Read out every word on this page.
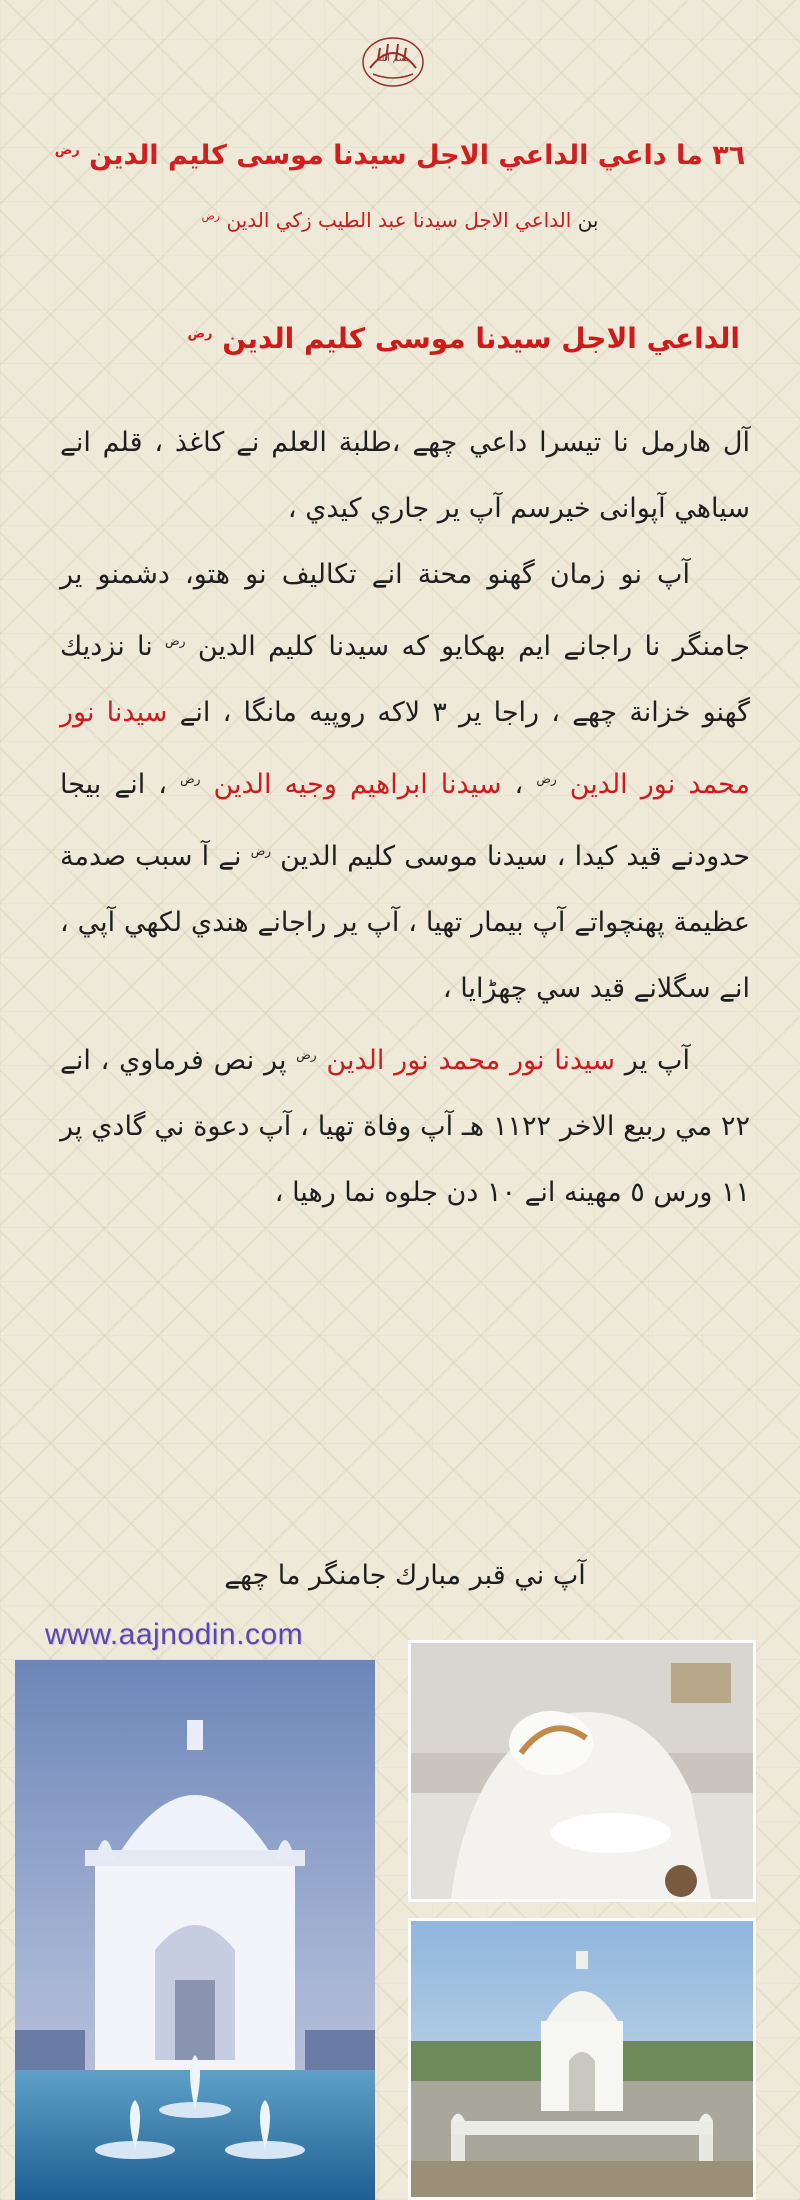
بسم الله
٣٦ ما داعي الداعي الاجل سيدنا موسى كليم الدين $^{رض}$
بن الداعي الاجل سيدنا عبد الطيب زكي الدين $^{رض}$
الداعي الاجل سيدنا موسى كليم الدين $^{رض}$

آل هارمل نا تيسرا داعي چهے ،طلبة العلم نے كاغذ ، قلم انے سياهي آپوانى خيرسم آپ ير جاري كيدي ،

آپ نو زمان گهنو محنة انے تكاليف نو هتو، دشمنو ير جامنگر نا راجانے ايم بهكايو كه سيدنا كليم الدين $^{رض}$ نا نزديك گهنو خزانة چهے ، راجا ير ٣ لاكه روپيه مانگا ، انے سيدنا نور محمد نور الدين $^{رض}$ ، سيدنا ابراهيم وجيه الدين $^{رض}$ ، انے بيجا حدودنے قيد كيدا ، سيدنا موسى كليم الدين $^{رض}$ نے آ سبب صدمة عظيمة پهنچواتے آپ بيمار تهيا ، آپ ير راجانے هندي لكهي آپي ، انے سگلانے قيد سي چهڑايا ،

آپ ير سيدنا نور محمد نور الدين $^{رض}$ پر نص فرماوي ، انے ٢٢ مي ربيع الاخر ١١٢٢ هـ آپ وفاة تهيا ، آپ دعوة ني گادي پر ١١ ورس ٥ مهينه انے ١٠ دن جلوه نما رهيا ،

آپ ني قبر مبارك جامنگر ما چهے
www.aajnodin.com
